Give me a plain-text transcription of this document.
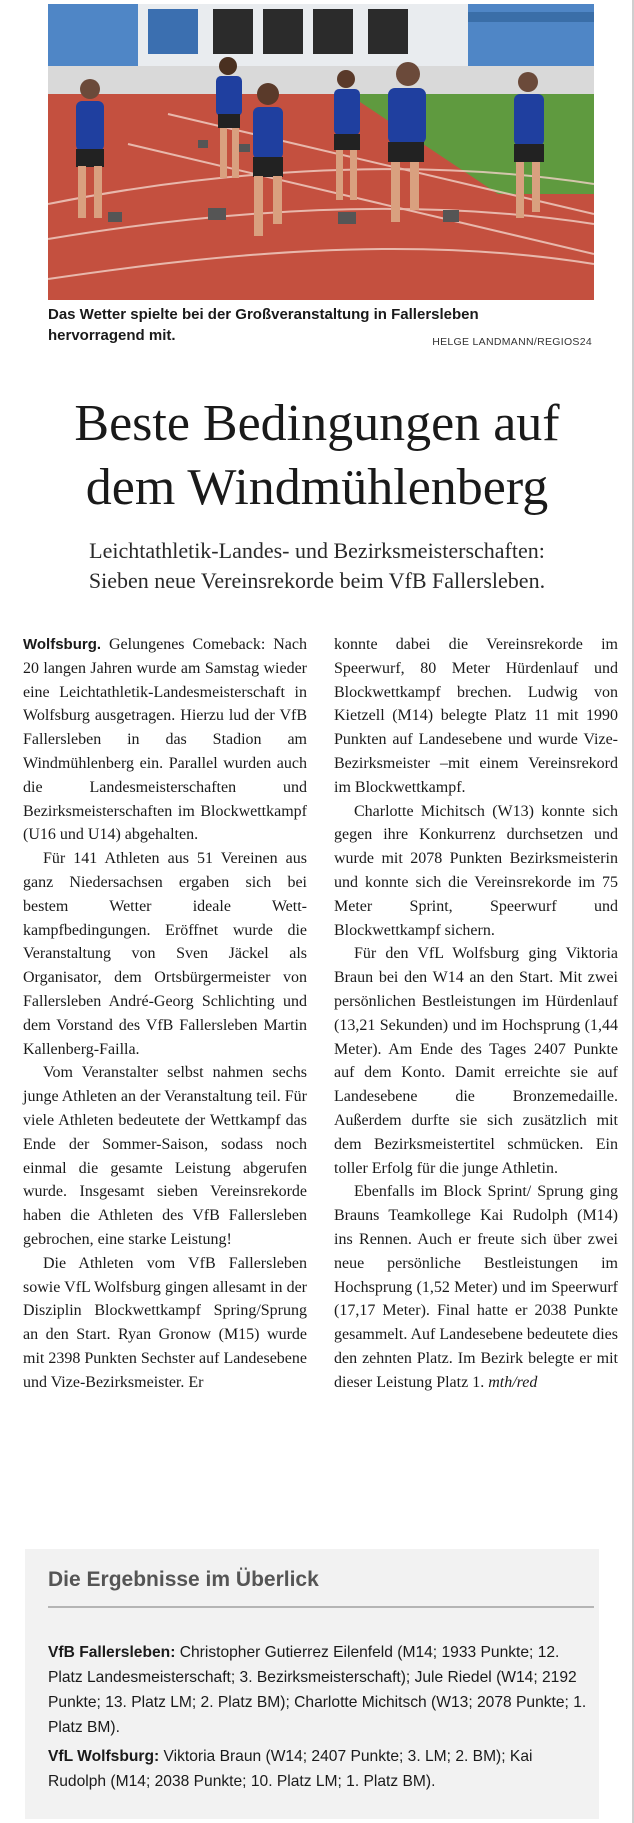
Das Wetter spielte bei der Großveranstaltung in Fallersleben
hervorragend mit.	HELGE LANDMANN/REGIOS24
Beste Bedingungen auf
dem Windmühlenberg
Leichtathletik-Landes- und Bezirksmeisterschaften:
Sieben neue Vereinsrekorde beim VfB Fallersleben.

Wolfsburg. Gelungenes Comeback: Nach 20 langen Jahren wurde am Samstag wieder eine Leichtathletik-Landesmeisterschaft in Wolfsburg ausgetragen. Hierzu lud der VfB Fallersleben in das Stadion am Windmühlenberg ein. Parallel wurden auch die Landesmeisterschaften und Bezirksmeisterschaften im Blockwettkampf (U16 und U14) abgehalten.

Für 141 Athleten aus 51 Vereinen aus ganz Niedersachsen ergaben sich bei bestem Wetter ideale Wettkampfbedingungen. Eröffnet wurde die Veranstaltung von Sven Jäckel als Organisator, dem Ortsbürgermeister von Fallersleben André-Georg Schlichting und dem Vorstand des VfB Fallersleben Martin Kallenberg-Failla.

Vom Veranstalter selbst nahmen sechs junge Athleten an der Veranstaltung teil. Für viele Athleten bedeutete der Wettkampf das Ende der Sommer-Saison, sodass noch einmal die gesamte Leistung abgerufen wurde. Insgesamt sieben Vereinsrekorde haben die Athleten des VfB Fallersleben gebrochen, eine starke Leistung!

Die Athleten vom VfB Fallersleben sowie VfL Wolfsburg gingen allesamt in der Disziplin Blockwettkampf Spring/Sprung an den Start. Ryan Gronow (M15) wurde mit 2398 Punkten Sechster auf Landesebene und Vize-Bezirksmeister. Er

konnte dabei die Vereinsrekorde im Speerwurf, 80 Meter Hürdenlauf und Blockwettkampf brechen. Ludwig von Kietzell (M14) belegte Platz 11 mit 1990 Punkten auf Landesebene und wurde Vize-Bezirksmeister –mit einem Vereinsrekord im Blockwettkampf.

Charlotte Michitsch (W13) konnte sich gegen ihre Konkurrenz durchsetzen und wurde mit 2078 Punkten Bezirksmeisterin und konnte sich die Vereinsrekorde im 75 Meter Sprint, Speerwurf und Blockwettkampf sichern.

Für den VfL Wolfsburg ging Viktoria Braun bei den W14 an den Start. Mit zwei persönlichen Bestleistungen im Hürdenlauf (13,21 Sekunden) und im Hochsprung (1,44 Meter). Am Ende des Tages 2407 Punkte auf dem Konto. Damit erreichte sie auf Landesebene die Bronzemedaille. Außerdem durfte sie sich zusätzlich mit dem Bezirksmeistertitel schmücken. Ein toller Erfolg für die junge Athletin.

Ebenfalls im Block Sprint/ Sprung ging Brauns Teamkollege Kai Rudolph (M14) ins Rennen. Auch er freute sich über zwei neue persönliche Bestleistungen im Hochsprung (1,52 Meter) und im Speerwurf (17,17 Meter). Final hatte er 2038 Punkte gesammelt. Auf Landesebene bedeutete dies den zehnten Platz. Im Bezirk belegte er mit dieser Leistung Platz 1. mth/red

Die Ergebnisse im Überlick
VfB Fallersleben: Christopher Gutierrez Eilenfeld (M14; 1933 Punkte; 12. Platz Landesmeisterschaft; 3. Bezirksmeisterschaft); Jule Riedel (W14; 2192 Punkte; 13. Platz LM; 2. Platz BM); Charlotte Michitsch (W13; 2078 Punkte; 1. Platz BM).
VfL Wolfsburg: Viktoria Braun (W14; 2407 Punkte; 3. LM; 2. BM); Kai Rudolph (M14; 2038 Punkte; 10. Platz LM; 1. Platz BM).
